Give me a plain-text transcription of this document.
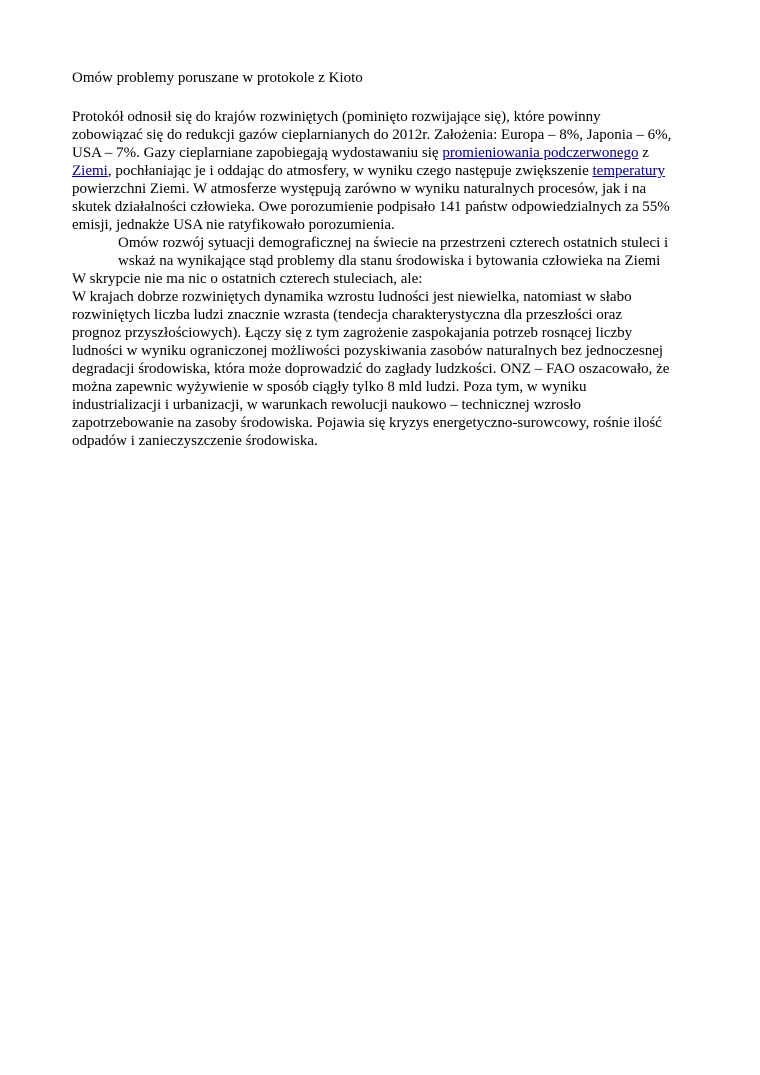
Omów problemy poruszane w protokole z Kioto

Protokół odnosił się do krajów rozwiniętych (pominięto rozwijające się), które powinny
zobowiązać się do redukcji gazów cieplarnianych do 2012r. Założenia: Europa – 8%, Japonia – 6%,
USA – 7%. Gazy cieplarniane zapobiegają wydostawaniu się promieniowania podczerwonego z
Ziemi, pochłaniając je i oddając do atmosfery, w wyniku czego następuje zwiększenie temperatury
powierzchni Ziemi. W atmosferze występują zarówno w wyniku naturalnych procesów, jak i na
skutek działalności człowieka. Owe porozumienie podpisało 141 państw odpowiedzialnych za 55%
emisji, jednakże USA nie ratyfikowało porozumienia.
Omów rozwój sytuacji demograficznej na świecie na przestrzeni czterech ostatnich stuleci i
wskaż na wynikające stąd problemy dla stanu środowiska i bytowania człowieka na Ziemi
W skrypcie nie ma nic o ostatnich czterech stuleciach, ale:
W krajach dobrze rozwiniętych dynamika wzrostu ludności jest niewielka, natomiast w słabo
rozwiniętych liczba ludzi znacznie wzrasta (tendecja charakterystyczna dla przeszłości oraz
prognoz przyszłościowych). Łączy się z tym zagrożenie zaspokajania potrzeb rosnącej liczby
ludności w wyniku ograniczonej możliwości pozyskiwania zasobów naturalnych bez jednoczesnej
degradacji środowiska, która może doprowadzić do zagłady ludzkości. ONZ – FAO oszacowało, że
można zapewnic wyżywienie w sposób ciągły tylko 8 mld ludzi. Poza tym, w wyniku
industrializacji i urbanizacji, w warunkach rewolucji naukowo – technicznej wzrosło
zapotrzebowanie na zasoby środowiska. Pojawia się kryzys energetyczno-surowcowy, rośnie ilość
odpadów i zanieczyszczenie środowiska.
